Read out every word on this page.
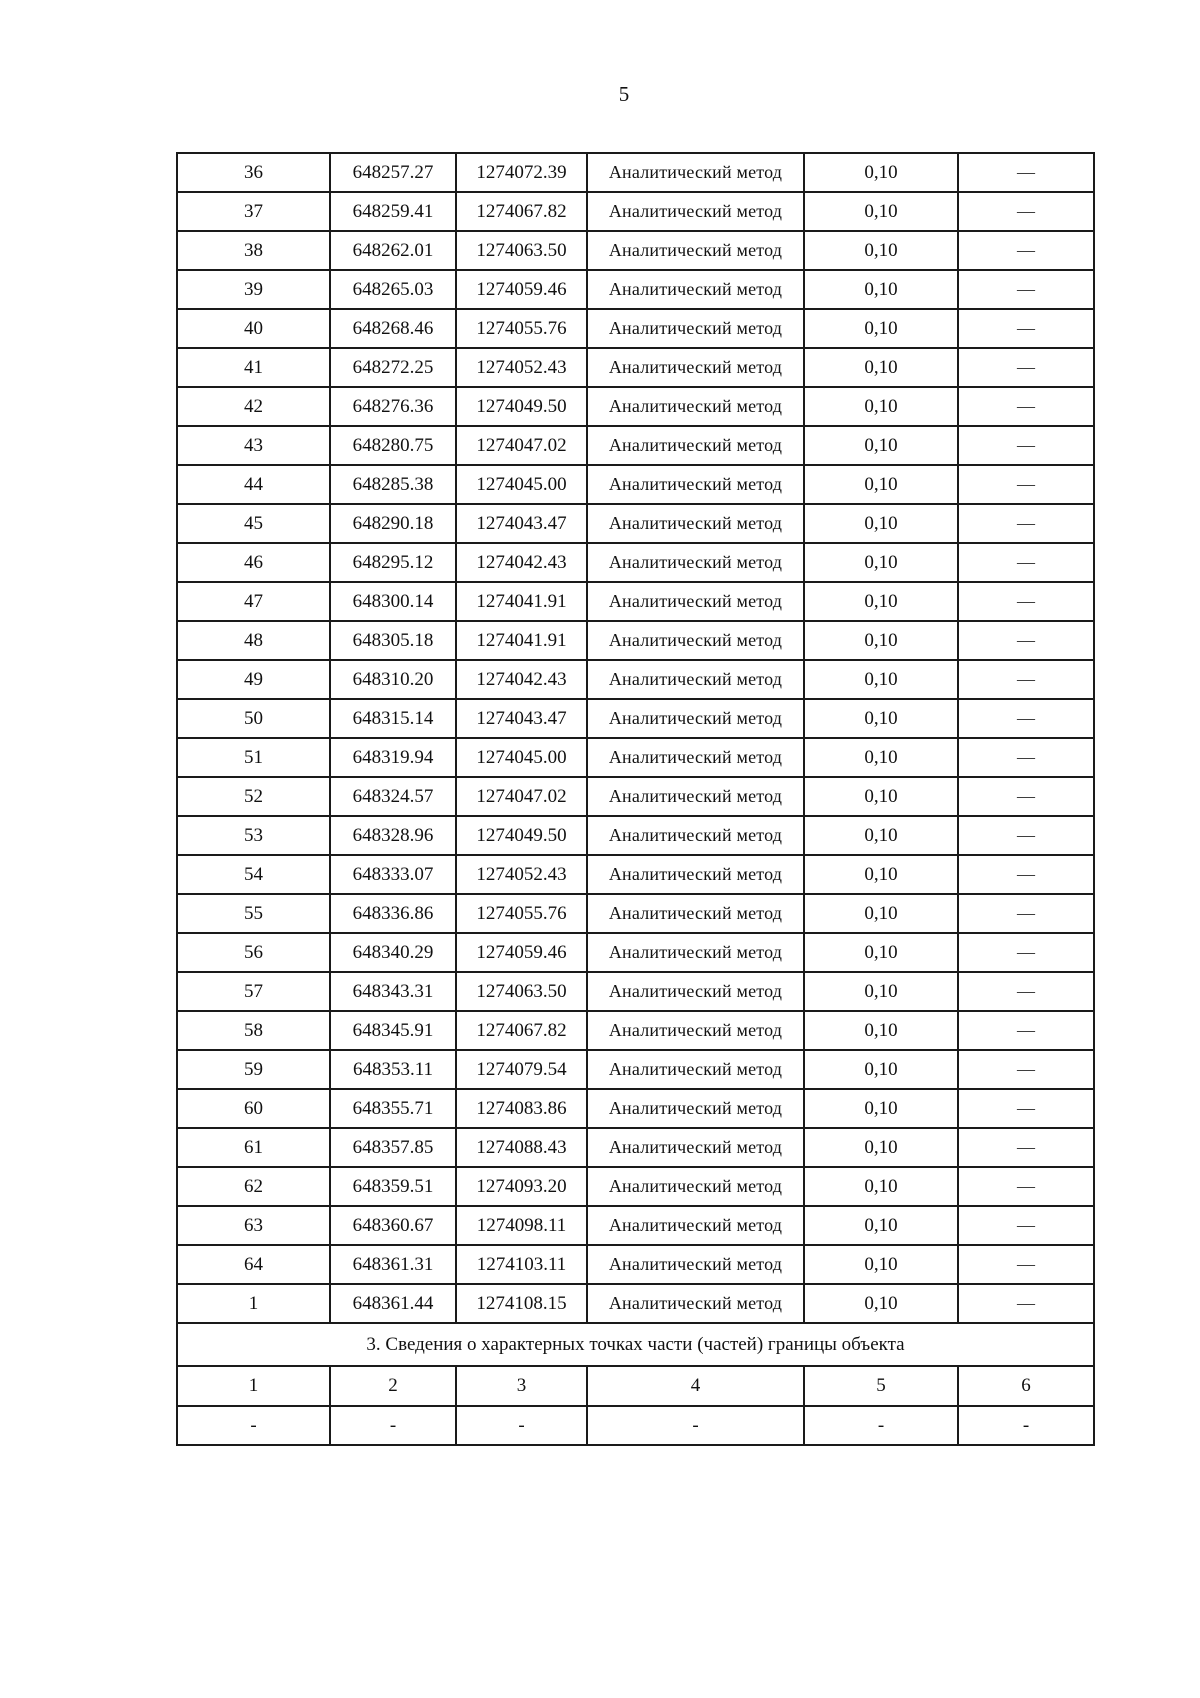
5
36	648257.27	1274072.39	Аналитический метод	0,10	—
37	648259.41	1274067.82	Аналитический метод	0,10	—
38	648262.01	1274063.50	Аналитический метод	0,10	—
39	648265.03	1274059.46	Аналитический метод	0,10	—
40	648268.46	1274055.76	Аналитический метод	0,10	—
41	648272.25	1274052.43	Аналитический метод	0,10	—
42	648276.36	1274049.50	Аналитический метод	0,10	—
43	648280.75	1274047.02	Аналитический метод	0,10	—
44	648285.38	1274045.00	Аналитический метод	0,10	—
45	648290.18	1274043.47	Аналитический метод	0,10	—
46	648295.12	1274042.43	Аналитический метод	0,10	—
47	648300.14	1274041.91	Аналитический метод	0,10	—
48	648305.18	1274041.91	Аналитический метод	0,10	—
49	648310.20	1274042.43	Аналитический метод	0,10	—
50	648315.14	1274043.47	Аналитический метод	0,10	—
51	648319.94	1274045.00	Аналитический метод	0,10	—
52	648324.57	1274047.02	Аналитический метод	0,10	—
53	648328.96	1274049.50	Аналитический метод	0,10	—
54	648333.07	1274052.43	Аналитический метод	0,10	—
55	648336.86	1274055.76	Аналитический метод	0,10	—
56	648340.29	1274059.46	Аналитический метод	0,10	—
57	648343.31	1274063.50	Аналитический метод	0,10	—
58	648345.91	1274067.82	Аналитический метод	0,10	—
59	648353.11	1274079.54	Аналитический метод	0,10	—
60	648355.71	1274083.86	Аналитический метод	0,10	—
61	648357.85	1274088.43	Аналитический метод	0,10	—
62	648359.51	1274093.20	Аналитический метод	0,10	—
63	648360.67	1274098.11	Аналитический метод	0,10	—
64	648361.31	1274103.11	Аналитический метод	0,10	—
1	648361.44	1274108.15	Аналитический метод	0,10	—
3. Сведения о характерных точках части (частей) границы объекта					
1	2	3	4	5	6
-	-	-	-	-	-
